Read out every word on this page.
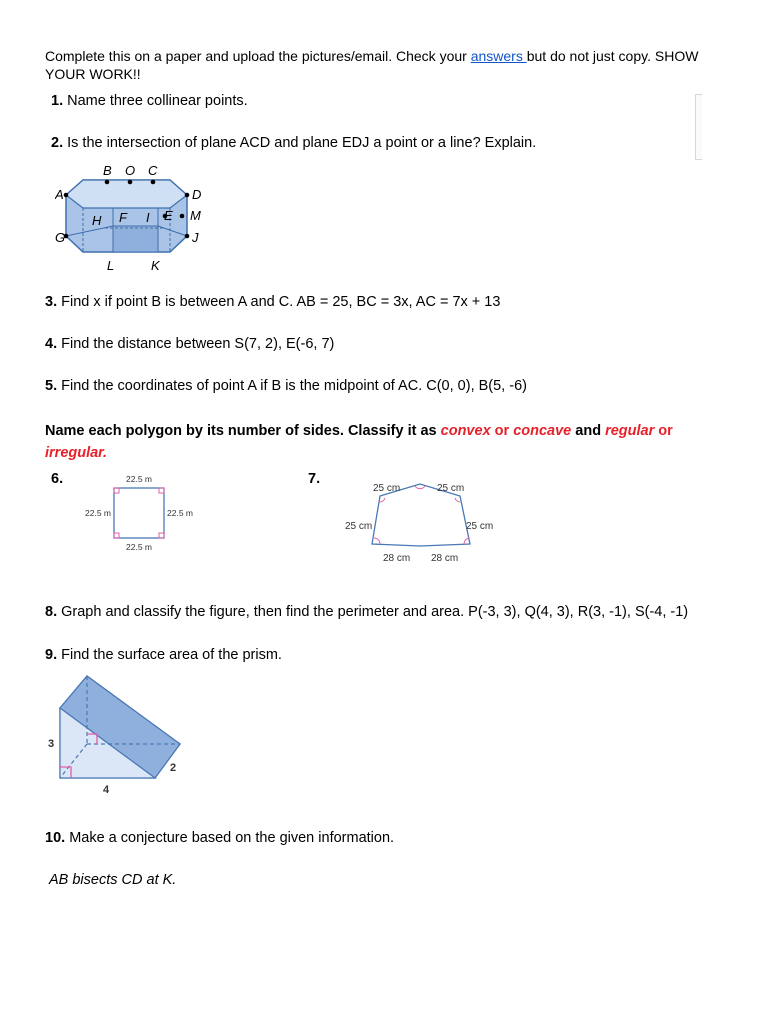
Complete this on a paper and upload the pictures/email. Check your answers but do not just copy. SHOW YOUR WORK!!
1. Name three collinear points.
2. Is the intersection of plane ACD and plane EDJ a point or a line? Explain.
B O C
A	D
H F I E M
G	J
L	K
3. Find x if point B is between A and C. AB = 25, BC = 3x, AC = 7x + 13
4. Find the distance between S(7, 2), E(-6, 7)
5. Find the coordinates of point A if B is the midpoint of AC. C(0, 0), B(5, -6)
Name each polygon by its number of sides. Classify it as convex or concave and regular or
irregular.
6.	22.5 m
22.5 m	22.5 m
22.5 m
7.
25 cm	25 cm
25 cm	25 cm
28 cm 28 cm
8. Graph and classify the figure, then find the perimeter and area. P(-3, 3), Q(4, 3), R(3, -1), S(-4, -1)
9. Find the surface area of the prism.
3
4
2
10. Make a conjecture based on the given information.
AB bisects CD at K.
